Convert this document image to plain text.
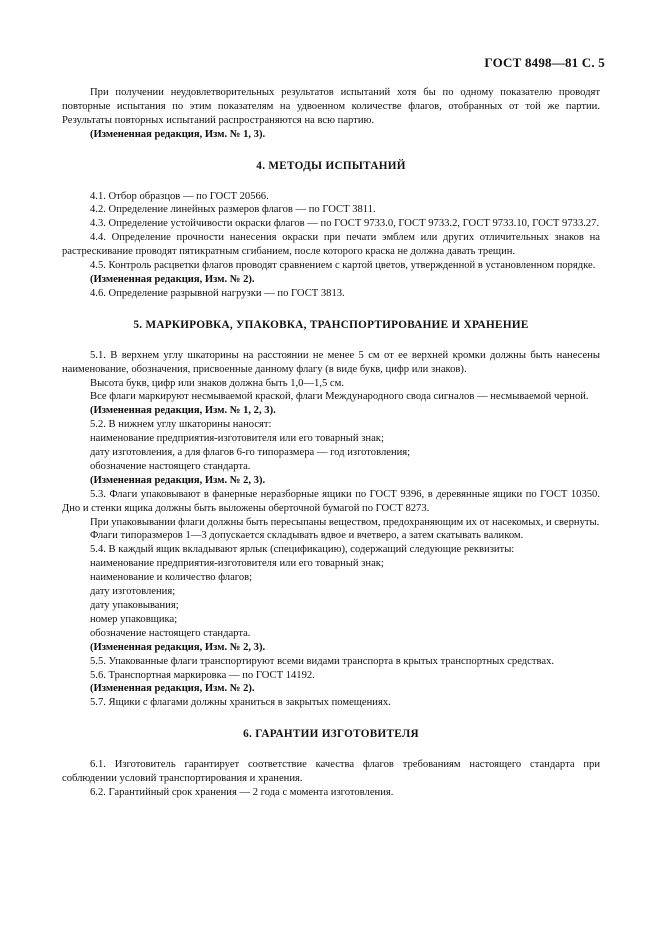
ГОСТ 8498—81 С. 5

При получении неудовлетворительных результатов испытаний хотя бы по одному показателю проводят повторные испытания по этим показателям на удвоенном количестве флагов, отобранных от той же партии. Результаты повторных испытаний распространяются на всю партию.

(Измененная редакция, Изм. № 1, 3).

4. МЕТОДЫ ИСПЫТАНИЙ

4.1. Отбор образцов — по ГОСТ 20566.

4.2. Определение линейных размеров флагов — по ГОСТ 3811.

4.3. Определение устойчивости окраски флагов — по ГОСТ 9733.0, ГОСТ 9733.2, ГОСТ 9733.10, ГОСТ 9733.27.

4.4. Определение прочности нанесения окраски при печати эмблем или других отличительных знаков на растрескивание проводят пятикратным сгибанием, после которого краска не должна давать трещин.

4.5. Контроль расцветки флагов проводят сравнением с картой цветов, утвержденной в установленном порядке.

(Измененная редакция, Изм. № 2).

4.6. Определение разрывной нагрузки — по ГОСТ 3813.

5. МАРКИРОВКА, УПАКОВКА, ТРАНСПОРТИРОВАНИЕ И ХРАНЕНИЕ

5.1. В верхнем углу шкаторины на расстоянии не менее 5 см от ее верхней кромки должны быть нанесены наименование, обозначения, присвоенные данному флагу (в виде букв, цифр или знаков).

Высота букв, цифр или знаков должна быть 1,0—1,5 см.

Все флаги маркируют несмываемой краской, флаги Международного свода сигналов — несмываемой черной.

(Измененная редакция, Изм. № 1, 2, 3).

5.2. В нижнем углу шкаторины наносят:

наименование предприятия-изготовителя или его товарный знак;

дату изготовления, а для флагов 6-го типоразмера — год изготовления;

обозначение настоящего стандарта.

(Измененная редакция, Изм. № 2, 3).

5.3. Флаги упаковывают в фанерные неразборные ящики по ГОСТ 9396, в деревянные ящики по ГОСТ 10350. Дно и стенки ящика должны быть выложены оберточной бумагой по ГОСТ 8273.

При упаковывании флаги должны быть пересыпаны веществом, предохраняющим их от насекомых, и свернуты.

Флаги типоразмеров 1—3 допускается складывать вдвое и вчетверо, а затем скатывать валиком.

5.4. В каждый ящик вкладывают ярлык (спецификацию), содержащий следующие реквизиты:

наименование предприятия-изготовителя или его товарный знак;

наименование и количество флагов;

дату изготовления;

дату упаковывания;

номер упаковщика;

обозначение настоящего стандарта.

(Измененная редакция, Изм. № 2, 3).

5.5. Упакованные флаги транспортируют всеми видами транспорта в крытых транспортных средствах.

5.6. Транспортная маркировка — по ГОСТ 14192.

(Измененная редакция, Изм. № 2).

5.7. Ящики с флагами должны храниться в закрытых помещениях.

6. ГАРАНТИИ ИЗГОТОВИТЕЛЯ

6.1. Изготовитель гарантирует соответствие качества флагов требованиям настоящего стандарта при соблюдении условий транспортирования и хранения.

6.2. Гарантийный срок хранения — 2 года с момента изготовления.
